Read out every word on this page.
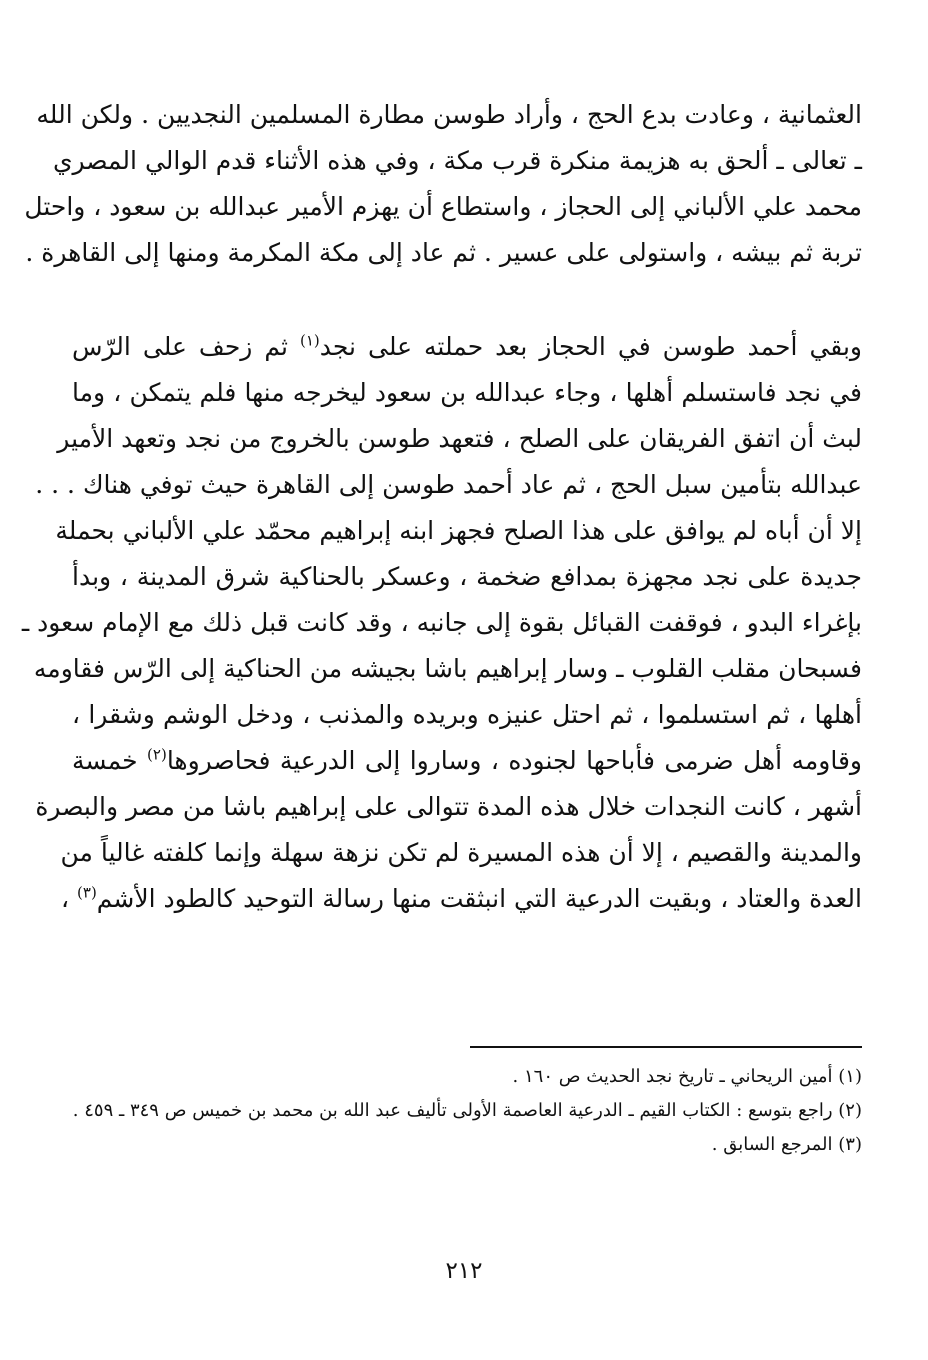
العثمانية ، وعادت بدع الحج ، وأراد طوسن مطارة المسلمين النجديين . ولكن الله
ـ تعالى ـ ألحق به هزيمة منكرة قرب مكة ، وفي هذه الأثناء قدم الوالي المصري
محمد علي الألباني إلى الحجاز ، واستطاع أن يهزم الأمير عبدالله بن سعود ، واحتل
تربة ثم بيشه ، واستولى على عسير . ثم عاد إلى مكة المكرمة ومنها إلى القاهرة .
وبقي أحمد طوسن في الحجاز بعد حملته على نجد$^{(١)}$ ثم زحف على الرّس
في نجد فاستسلم أهلها ، وجاء عبدالله بن سعود ليخرجه منها فلم يتمكن ، وما
لبث أن اتفق الفريقان على الصلح ، فتعهد طوسن بالخروج من نجد وتعهد الأمير
عبدالله بتأمين سبل الحج ، ثم عاد أحمد طوسن إلى القاهرة حيث توفي هناك . . .
إلا أن أباه لم يوافق على هذا الصلح فجهز ابنه إبراهيم محمّد علي الألباني بحملة
جديدة على نجد مجهزة بمدافع ضخمة ، وعسكر بالحناكية شرق المدينة ، وبدأ
بإغراء البدو ، فوقفت القبائل بقوة إلى جانبه ، وقد كانت قبل ذلك مع الإمام سعود ـ
فسبحان مقلب القلوب ـ وسار إبراهيم باشا بجيشه من الحناكية إلى الرّس فقاومه
أهلها ، ثم استسلموا ، ثم احتل عنيزه وبريده والمذنب ، ودخل الوشم وشقرا ،
وقاومه أهل ضرمى فأباحها لجنوده ، وساروا إلى الدرعية فحاصروها$^{(٢)}$ خمسة
أشهر ، كانت النجدات خلال هذه المدة تتوالى على إبراهيم باشا من مصر والبصرة
والمدينة والقصيم ، إلا أن هذه المسيرة لم تكن نزهة سهلة وإنما كلفته غالياً من
العدة والعتاد ، وبقيت الدرعية التي انبثقت منها رسالة التوحيد كالطود الأشم$^{(٣)}$ ،
(١) أمين الريحاني ـ تاريخ نجد الحديث ص ١٦٠ .
(٢) راجع بتوسع : الكتاب القيم ـ الدرعية العاصمة الأولى تأليف عبد الله بن محمد بن خميس ص ٣٤٩ ـ ٤٥٩ .
(٣) المرجع السابق .
٢١٢
